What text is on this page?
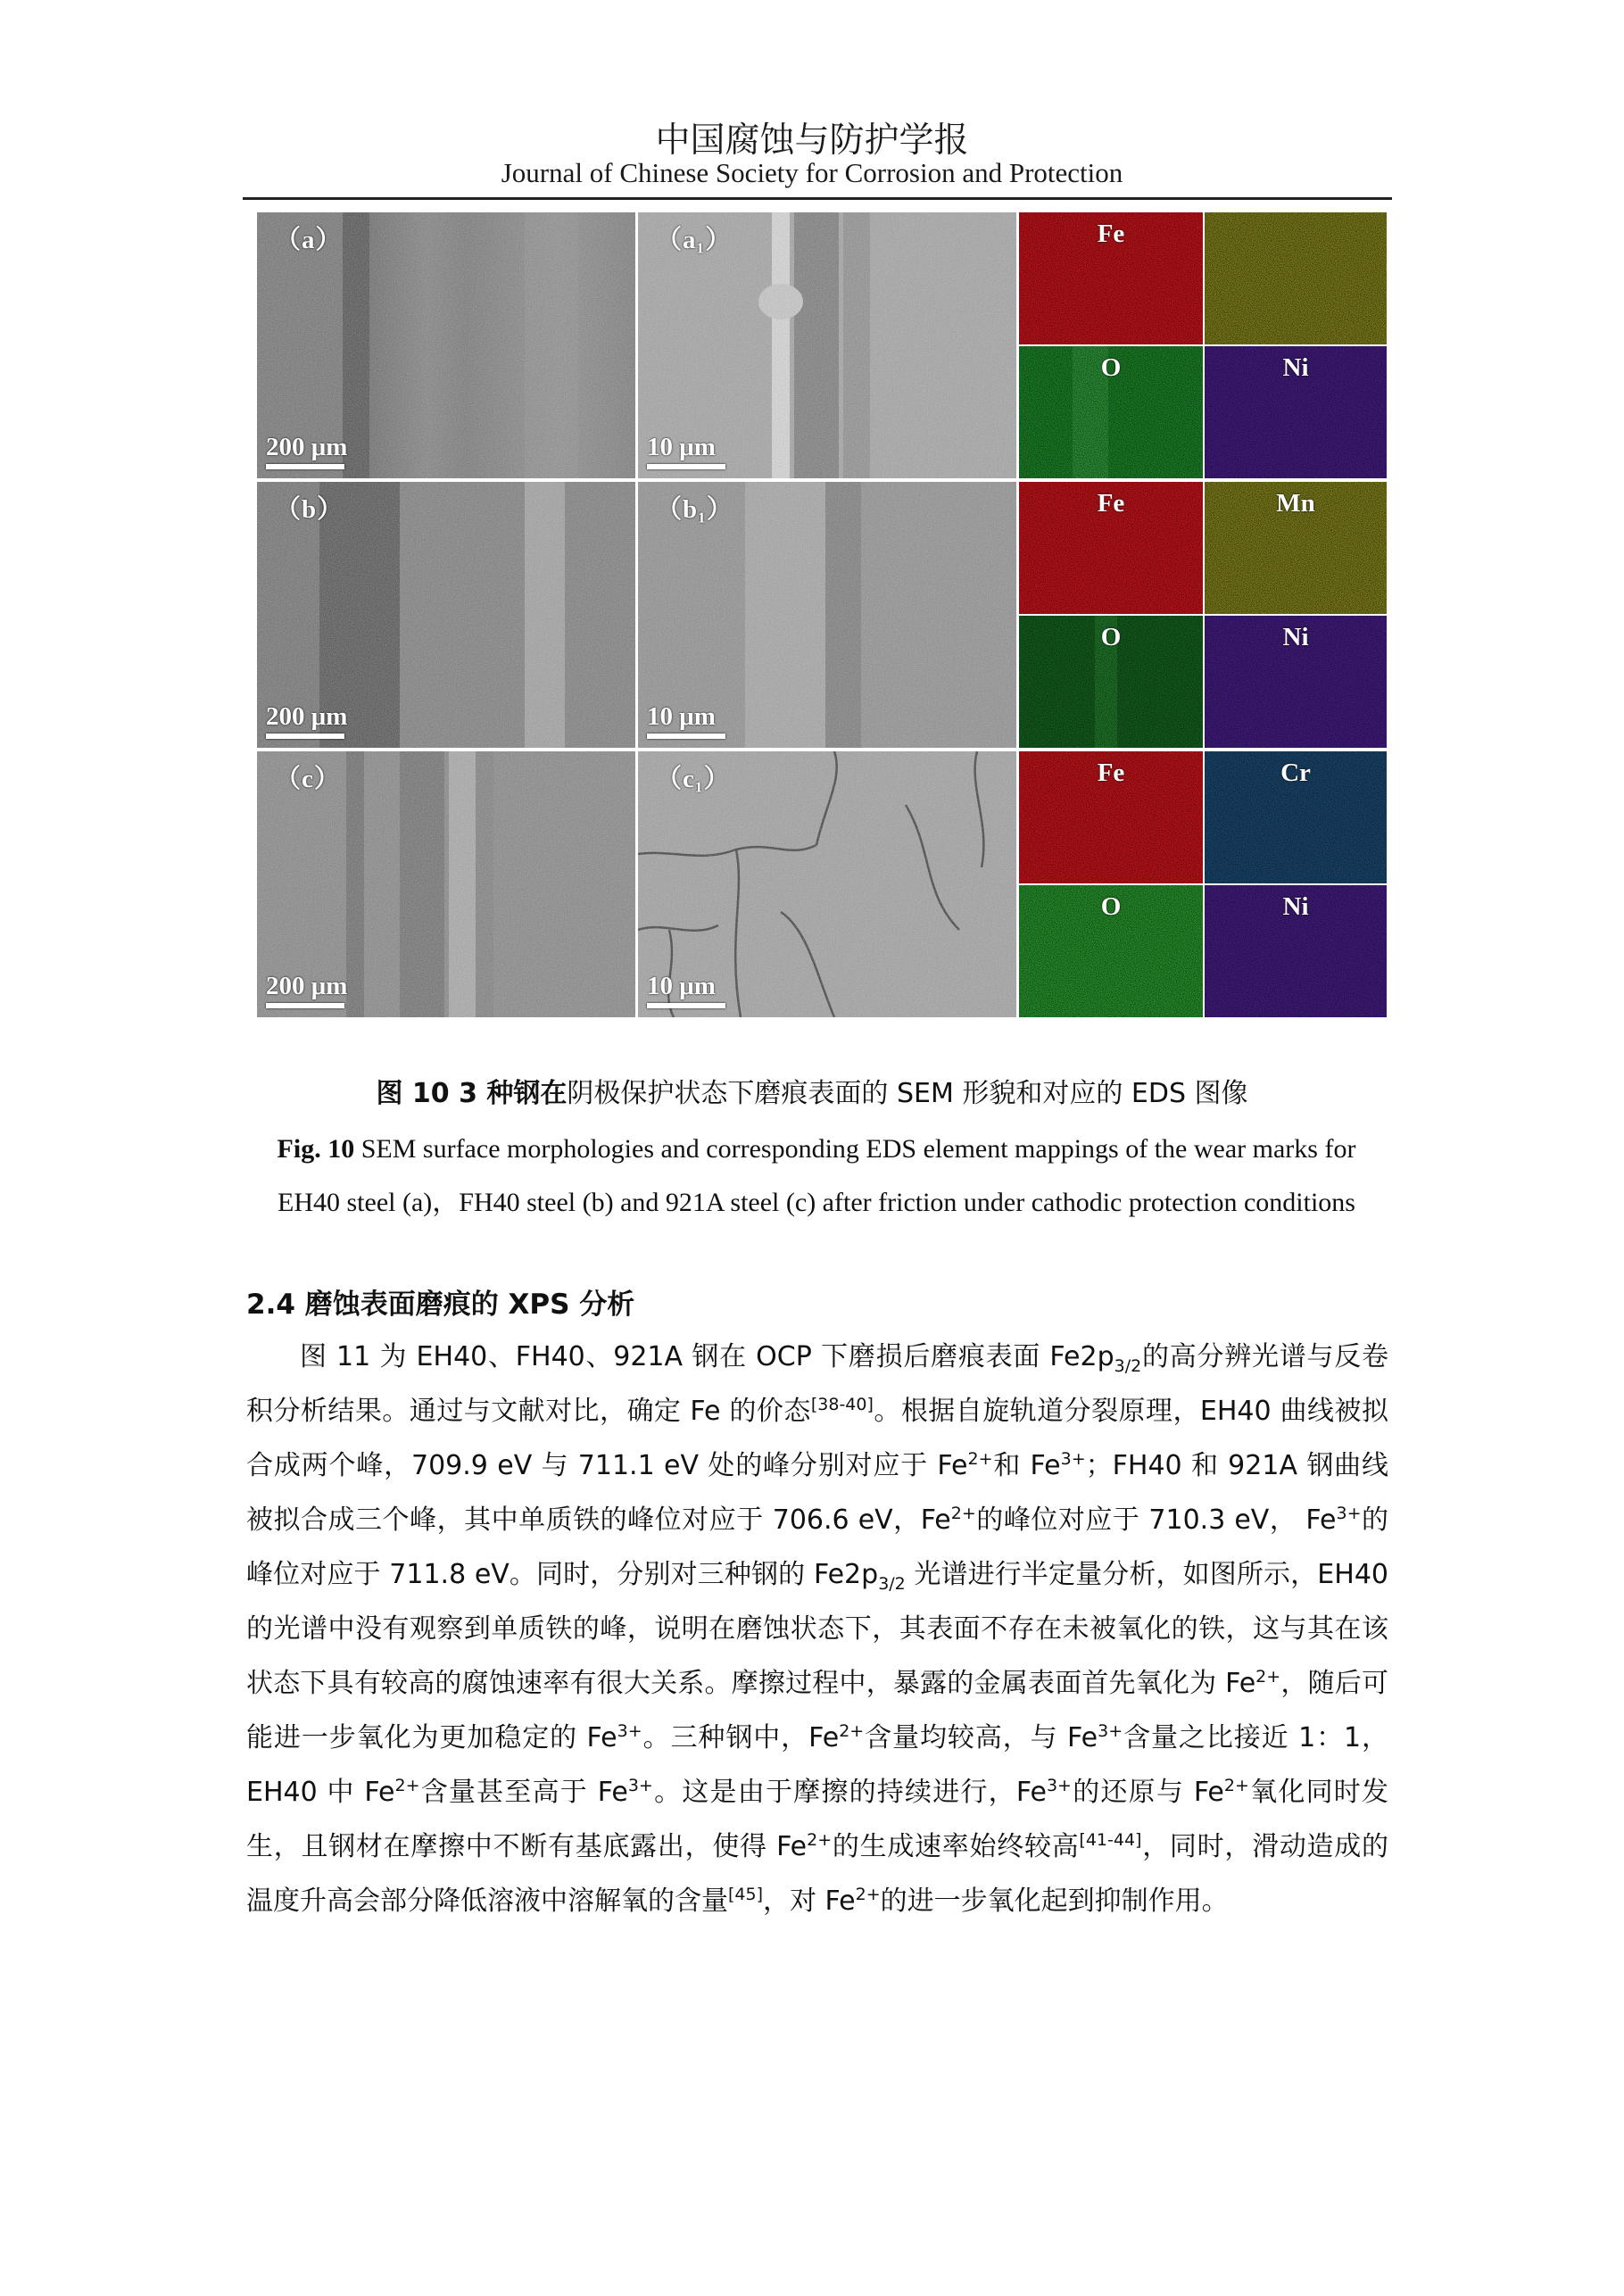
中国腐蚀与防护学报
Journal of Chinese Society for Corrosion and Protection
（a）
200 μm
（a₁）
10 μm
Fe
O	Ni
（b）
200 μm
（b₁）
10 μm
Fe	Mn
O	Ni
（c）
200 μm
（c₁）
10 μm
Fe	Cr
O	Ni
图 10 3 种钢在阴极保护状态下磨痕表面的 SEM 形貌和对应的 EDS 图像
Fig. 10 SEM surface morphologies and corresponding EDS element mappings of the wear marks for EH40 steel (a)，FH40 steel (b) and 921A steel (c) after friction under cathodic protection conditions
2.4 磨蚀表面磨痕的 XPS 分析
图 11 为 EH40、FH40、921A 钢在 OCP 下磨损后磨痕表面 $Fe2p_{3/2}$的高分辨光谱与反卷积分析结果。通过与文献对比，确定 Fe 的价态[38-40]。根据自旋轨道分裂原理，EH40 曲线被拟合成两个峰，709.9 eV 与 711.1 eV 处的峰分别对应于 $Fe^{2+}$和 $Fe^{3+}$；FH40 和 921A 钢曲线被拟合成三个峰，其中单质铁的峰位对应于 706.6 eV，$Fe^{2+}$的峰位对应于 710.3 eV， $Fe^{3+}$的峰位对应于 711.8 eV。同时，分别对三种钢的 $Fe2p_{3/2}$ 光谱进行半定量分析，如图所示，EH40 的光谱中没有观察到单质铁的峰，说明在磨蚀状态下，其表面不存在未被氧化的铁，这与其在该状态下具有较高的腐蚀速率有很大关系。摩擦过程中，暴露的金属表面首先氧化为 $Fe^{2+}$，随后可能进一步氧化为更加稳定的 $Fe^{3+}$。三种钢中，$Fe^{2+}$含量均较高，与 $Fe^{3+}$含量之比接近 1：1，EH40 中 $Fe^{2+}$含量甚至高于 $Fe^{3+}$。这是由于摩擦的持续进行，$Fe^{3+}$的还原与 $Fe^{2+}$氧化同时发生，且钢材在摩擦中不断有基底露出，使得 $Fe^{2+}$的生成速率始终较高[41-44]，同时，滑动造成的温度升高会部分降低溶液中溶解氧的含量[45]，对 $Fe^{2+}$的进一步氧化起到抑制作用。
